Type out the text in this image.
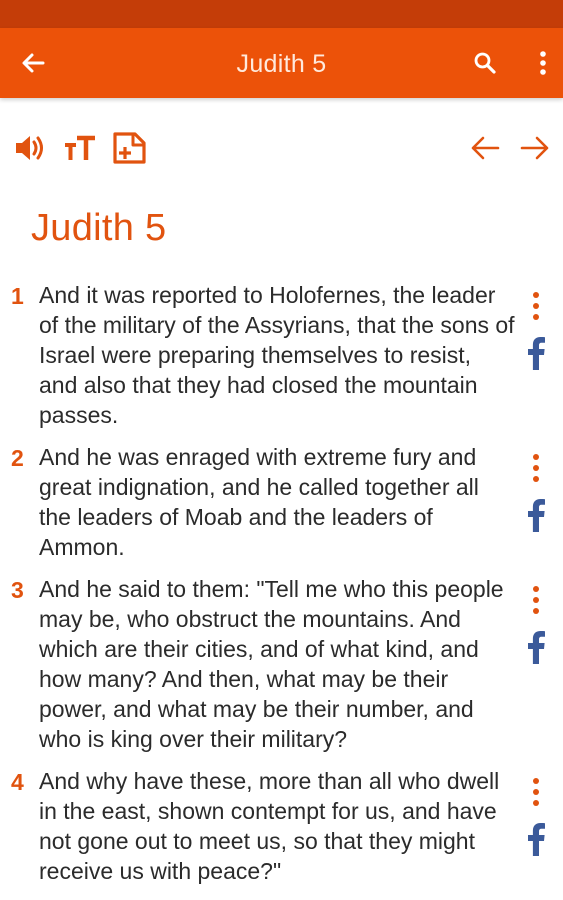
Judith 5
Judith 5
1 And it was reported to Holofernes, the leader of the military of the Assyrians, that the sons of Israel were preparing themselves to resist, and also that they had closed the mountain passes.

2 And he was enraged with extreme fury and great indignation, and he called together all the leaders of Moab and the leaders of Ammon.

3 And he said to them: "Tell me who this people may be, who obstruct the mountains. And which are their cities, and of what kind, and how many? And then, what may be their power, and what may be their number, and who is king over their military?

4 And why have these, more than all who dwell in the east, shown contempt for us, and have not gone out to meet us, so that they might receive us with peace?"
